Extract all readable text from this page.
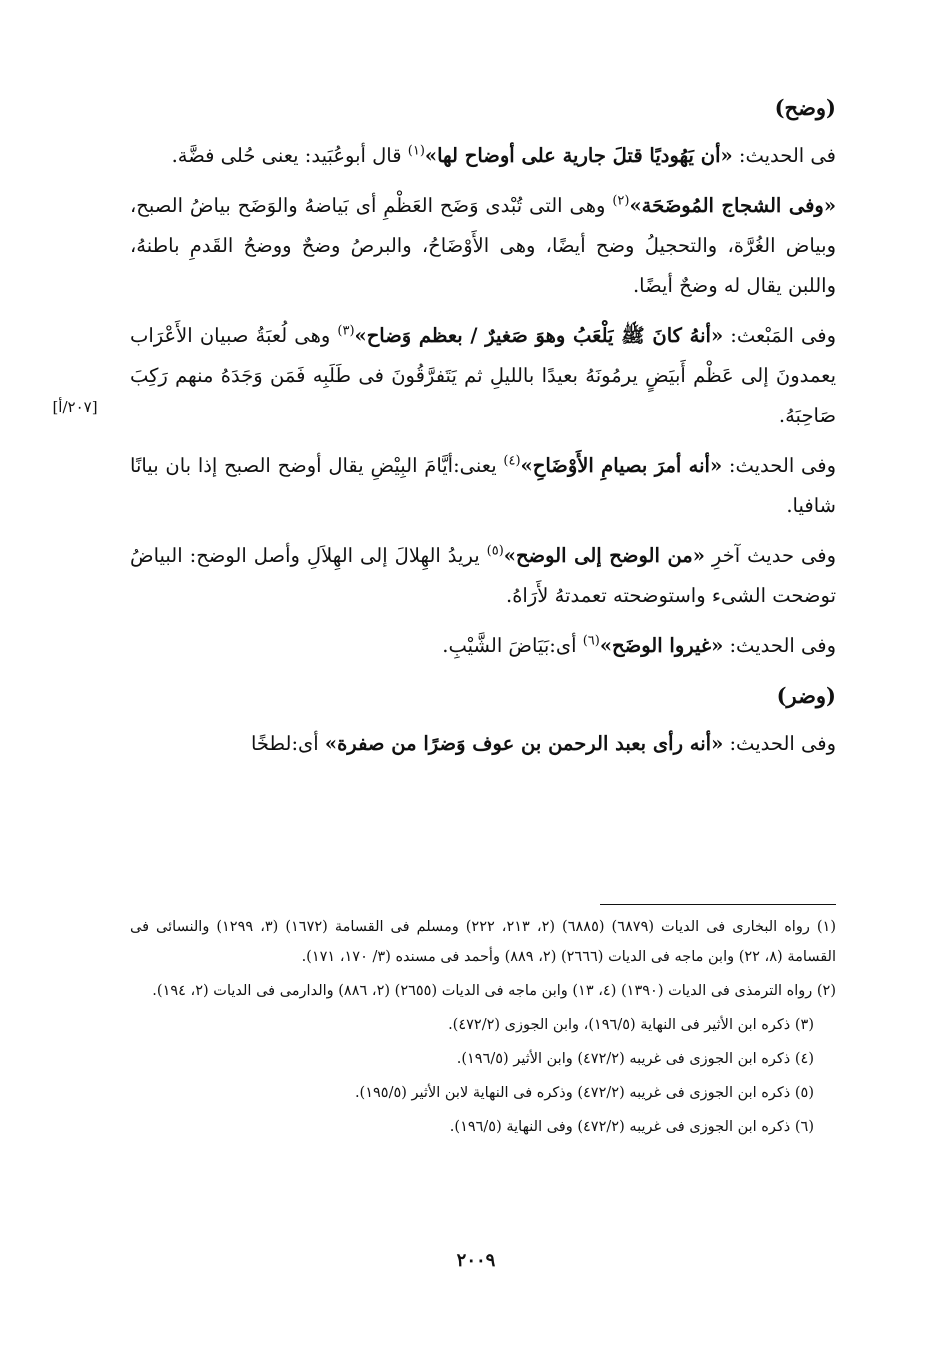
(وضح)
فى الحديث: «أن يَهُوديًا قتلَ جارية على أوضاح لها»$^{(١)}$ قال أبوعُبَيد: يعنى حُلى فضَّة.
«وفى الشجاج المُوضَحَة»$^{(٢)}$ وهى التى تُبْدى وَضَح العَظْمِ أى بَياضهُ والوَضَح بياضُ الصبح، وبياض الغُرَّة، والتحجيلُ وضح أيضًا، وهى الأَوْضَاحُ، والبرصُ وضحٌ ووضحُ القَدمِ باطنهُ، واللبن يقال له وضحٌ أيضًا.
وفى المَبْعث: «أنهُ كانَ ﷺ يَلْعَبُ وهوَ صَغيرٌ / بعظم وَضاح»$^{(٣)}$ وهى لُعبَةُ صبيان الأَعْرَاب يعمدونَ إلى عَظْم أَبيَضٍ يرمُونَهُ بعيدًا بالليلِ ثم يَتَفرَّقُونَ فى طَلَبِه فَمَن وَجَدَهُ منهم رَكِبَ صَاحِبَهُ.
وفى الحديث: «أنه أمرَ بصيامِ الأَوْضَاحِ»$^{(٤)}$ يعنى:أيَّامَ البِيْضِ يقال أوضح الصبح إذا بان بيانًا شافيا.
وفى حديث آخرِ «من الوضح إلى الوضح»$^{(٥)}$ يريدُ الهِلالَ إلى الهِلاَلِ وأصل الوضح: البياضُ توضحت الشىء واستوضحته تعمدتهُ لأَرَاهُ.
وفى الحديث: «غيروا الوضَح»$^{(٦)}$ أى:بَيَاضَ الشَّيْبِ.
(وضر)
وفى الحديث: «أنه رأى بعبد الرحمن بن عوف وَضرًا من صفرة» أى:لطخًا
[٢٠٧/أ]
(١) رواه البخارى فى الديات (٦٨٧٩) (٦٨٨٥) (٢، ٢١٣، ٢٢٢) ومسلم فى القسامة (١٦٧٢) (٣، ١٢٩٩) والنسائى فى القسامة (٨، ٢٢) وابن ماجه فى الديات (٢٦٦٦) (٢، ٨٨٩) وأحمد فى مسنده (٣/ ١٧٠، ١٧١).
(٢) رواه الترمذى فى الديات (١٣٩٠) (٤، ١٣) وابن ماجه فى الديات (٢٦٥٥) (٢، ٨٨٦) والدارمى فى الديات (٢، ١٩٤).
(٣) ذكره ابن الأثير فى النهاية (١٩٦/٥)، وابن الجوزى (٤٧٢/٢).
(٤) ذكره ابن الجوزى فى غريبه (٤٧٢/٢) وابن الأثير (١٩٦/٥).
(٥) ذكره ابن الجوزى فى غريبه (٤٧٢/٢) وذكره فى النهاية لابن الأثير (١٩٥/٥).
(٦) ذكره ابن الجوزى فى غريبه (٤٧٢/٢) وفى النهاية (١٩٦/٥).
٢٠٠٩
